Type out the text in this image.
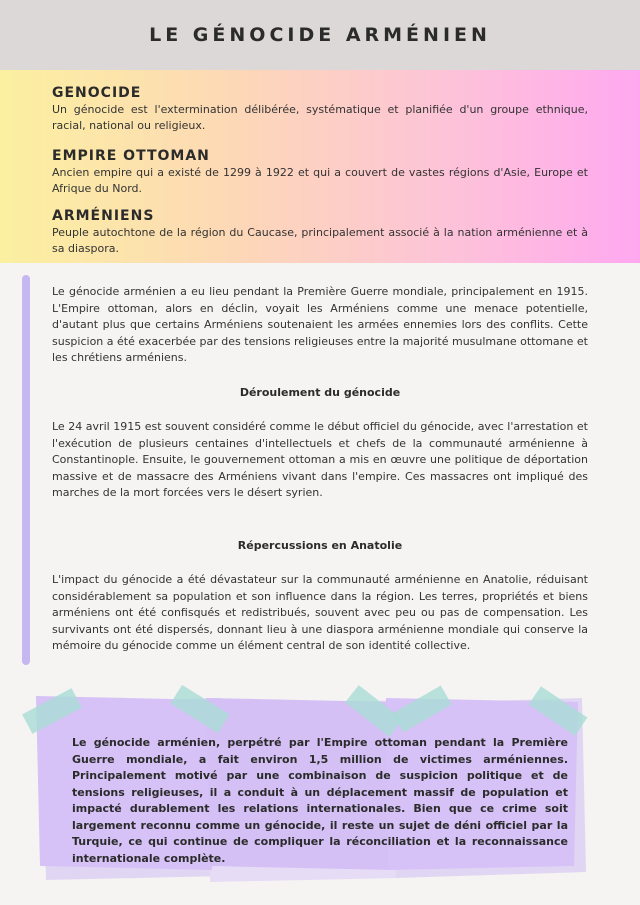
LE GÉNOCIDE ARMÉNIEN
GENOCIDE

Un génocide est l'extermination délibérée, systématique et planifiée d'un groupe ethnique, racial, national ou religieux.

EMPIRE OTTOMAN

Ancien empire qui a existé de 1299 à 1922 et qui a couvert de vastes régions d'Asie, Europe et Afrique du Nord.

ARMÉNIENS

Peuple autochtone de la région du Caucase, principalement associé à la nation arménienne et à sa diaspora.

Le génocide arménien a eu lieu pendant la Première Guerre mondiale, principalement en 1915. L'Empire ottoman, alors en déclin, voyait les Arméniens comme une menace potentielle, d'autant plus que certains Arméniens soutenaient les armées ennemies lors des conflits. Cette suspicion a été exacerbée par des tensions religieuses entre la majorité musulmane ottomane et les chrétiens arméniens.

Déroulement du génocide

Le 24 avril 1915 est souvent considéré comme le début officiel du génocide, avec l'arrestation et l'exécution de plusieurs centaines d'intellectuels et chefs de la communauté arménienne à Constantinople. Ensuite, le gouvernement ottoman a mis en œuvre une politique de déportation massive et de massacre des Arméniens vivant dans l'empire. Ces massacres ont impliqué des marches de la mort forcées vers le désert syrien.

Répercussions en Anatolie

L'impact du génocide a été dévastateur sur la communauté arménienne en Anatolie, réduisant considérablement sa population et son influence dans la région. Les terres, propriétés et biens arméniens ont été confisqués et redistribués, souvent avec peu ou pas de compensation. Les survivants ont été dispersés, donnant lieu à une diaspora arménienne mondiale qui conserve la mémoire du génocide comme un élément central de son identité collective.

Le génocide arménien, perpétré par l'Empire ottoman pendant la Première Guerre mondiale, a fait environ 1,5 million de victimes arméniennes. Principalement motivé par une combinaison de suspicion politique et de tensions religieuses, il a conduit à un déplacement massif de population et impacté durablement les relations internationales. Bien que ce crime soit largement reconnu comme un génocide, il reste un sujet de déni officiel par la Turquie, ce qui continue de compliquer la réconciliation et la reconnaissance internationale complète.
